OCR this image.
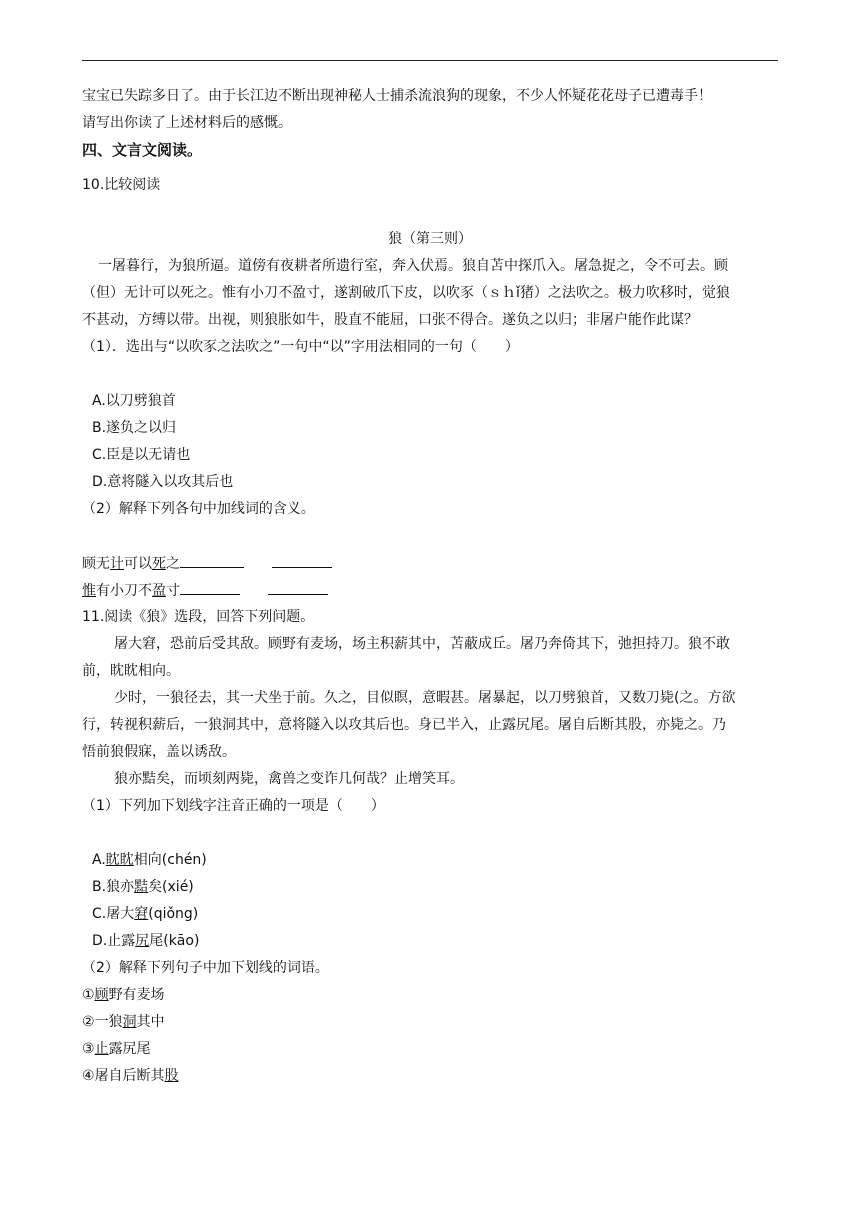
宝宝已失踪多日了。由于长江边不断出现神秘人士捕杀流浪狗的现象，不少人怀疑花花母子已遭毒手！
请写出你读了上述材料后的感慨。
四、文言文阅读。
10.比较阅读
狼（第三则）
一屠暮行，为狼所逼。道傍有夜耕者所遗行室，奔入伏焉。狼自苫中探爪入。屠急捉之，令不可去。顾
（但）无计可以死之。惟有小刀不盈寸，遂割破爪下皮，以吹豕（ｓｈǐ猪）之法吹之。极力吹移时，觉狼
不甚动，方缚以带。出视，则狼胀如牛，股直不能屈，口张不得合。遂负之以归；非屠户能作此谋？
（1）．选出与“以吹豕之法吹之”一句中“以”字用法相同的一句（　　）
A.以刀劈狼首
B.遂负之以归
C.臣是以无请也
D.意将隧入以攻其后也
（2）解释下列各句中加线词的含义。
顾无计可以死之
惟有小刀不盈寸
11.阅读《狼》选段，回答下列问题。
屠大窘，恐前后受其敌。顾野有麦场，场主积薪其中，苫蔽成丘。屠乃奔倚其下，弛担持刀。狼不敢
前，眈眈相向。
少时，一狼径去，其一犬坐于前。久之，目似瞑，意暇甚。屠暴起，以刀劈狼首，又数刀毙(之。方欲
行，转视积薪后，一狼洞其中，意将隧入以攻其后也。身已半入，止露尻尾。屠自后断其股，亦毙之。乃
悟前狼假寐，盖以诱敌。
狼亦黠矣，而顷刻两毙，禽兽之变诈几何哉？止增笑耳。
（1）下列加下划线字注音正确的一项是（　　）
A.眈眈相向(chén)
B.狼亦黠矣(xié)
C.屠大窘(qiǒng)
D.止露尻尾(kāo)
（2）解释下列句子中加下划线的词语。
①顾野有麦场
②一狼洞其中
③止露尻尾
④屠自后断其股
